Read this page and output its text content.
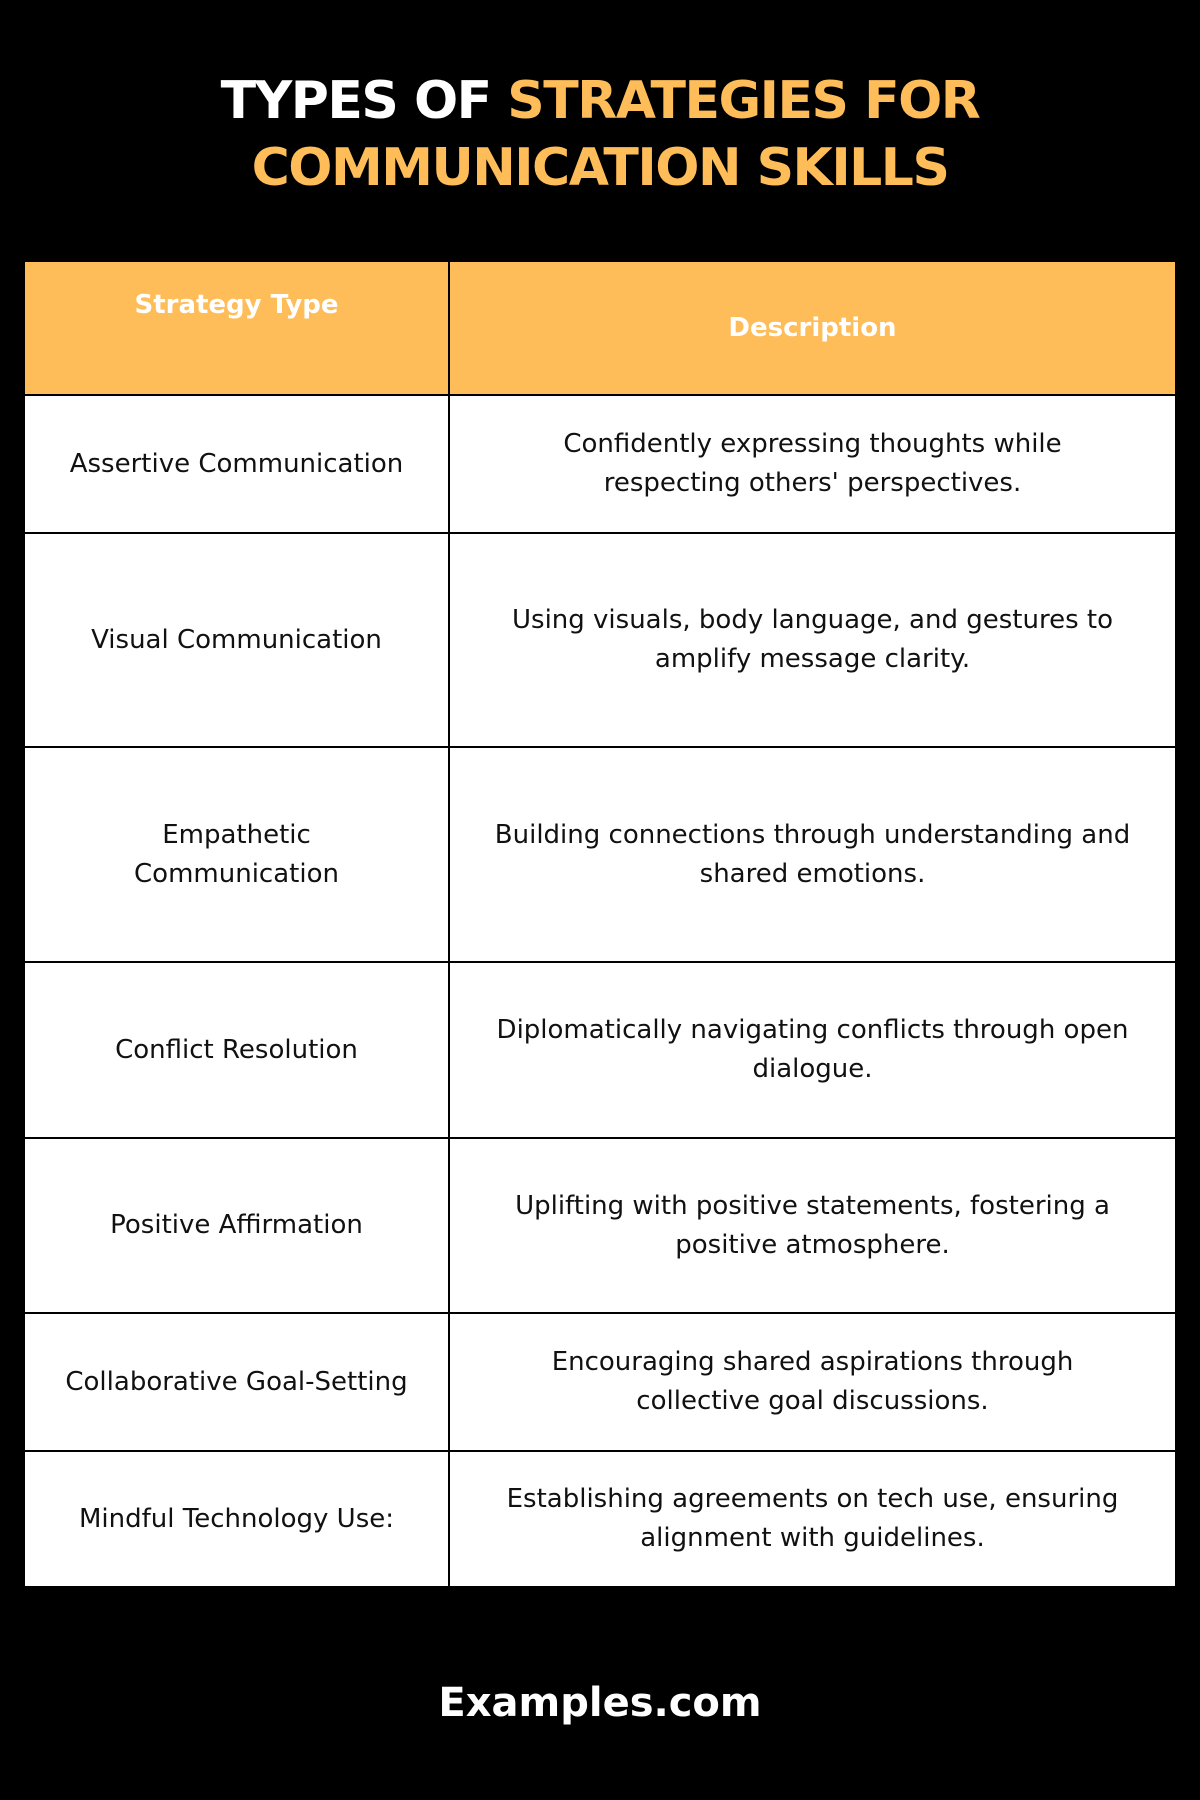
TYPES OF STRATEGIES FOR
COMMUNICATION SKILLS
Strategy Type	Description
Assertive Communication	Confidently expressing thoughts while respecting others' perspectives.
Visual Communication	Using visuals, body language, and gestures to amplify message clarity.
Empathetic Communication	Building connections through understanding and shared emotions.
Conflict Resolution	Diplomatically navigating conflicts through open dialogue.
Positive Affirmation	Uplifting with positive statements, fostering a positive atmosphere.
Collaborative Goal-Setting	Encouraging shared aspirations through collective goal discussions.
Mindful Technology Use:	Establishing agreements on tech use, ensuring alignment with guidelines.
Examples.com
